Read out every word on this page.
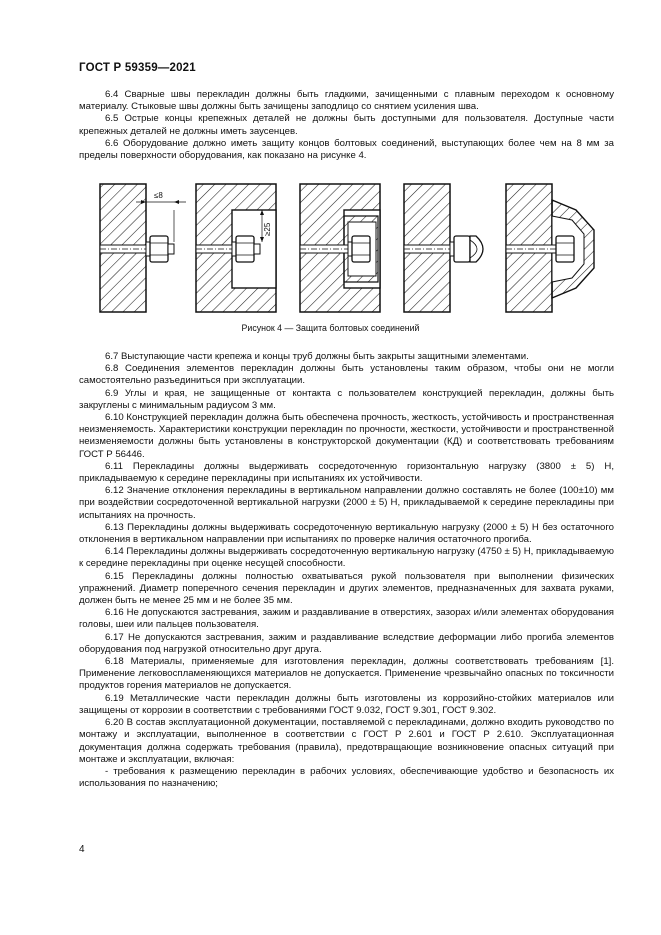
ГОСТ Р 59359—2021

6.4 Сварные швы перекладин должны быть гладкими, зачищенными с плавным переходом к основному материалу. Стыковые швы должны быть зачищены заподлицо со снятием усиления шва.

6.5 Острые концы крепежных деталей не должны быть доступными для пользователя. Доступные части крепежных деталей не должны иметь заусенцев.

6.6 Оборудование должно иметь защиту концов болтовых соединений, выступающих более чем на 8 мм за пределы поверхности оборудования, как показано на рисунке 4.

≤8
≥25
Рисунок 4 — Защита болтовых соединений

6.7 Выступающие части крепежа и концы труб должны быть закрыты защитными элементами.

6.8 Соединения элементов перекладин должны быть установлены таким образом, чтобы они не могли самостоятельно разъединиться при эксплуатации.

6.9 Углы и края, не защищенные от контакта с пользователем конструкцией перекладин, должны быть закруглены с минимальным радиусом 3 мм.

6.10 Конструкцией перекладин должна быть обеспечена прочность, жесткость, устойчивость и пространственная неизменяемость. Характеристики конструкции перекладин по прочности, жесткости, устойчивости и пространственной неизменяемости должны быть установлены в конструкторской документации (КД) и соответствовать требованиям ГОСТ Р 56446.

6.11 Перекладины должны выдерживать сосредоточенную горизонтальную нагрузку (3800 ± 5) Н, прикладываемую к середине перекладины при испытаниях их устойчивости.

6.12 Значение отклонения перекладины в вертикальном направлении должно составлять не более (100±10) мм при воздействии сосредоточенной вертикальной нагрузки (2000 ± 5) Н, прикладываемой к середине перекладины при испытаниях на прочность.

6.13 Перекладины должны выдерживать сосредоточенную вертикальную нагрузку (2000 ± 5) Н без остаточного отклонения в вертикальном направлении при испытаниях по проверке наличия остаточного прогиба.

6.14 Перекладины должны выдерживать сосредоточенную вертикальную нагрузку (4750 ± 5) Н, прикладываемую к середине перекладины при оценке несущей способности.

6.15 Перекладины должны полностью охватываться рукой пользователя при выполнении физических упражнений. Диаметр поперечного сечения перекладин и других элементов, предназначенных для захвата руками, должен быть не менее 25 мм и не более 35 мм.

6.16 Не допускаются застревания, зажим и раздавливание в отверстиях, зазорах и/или элементах оборудования головы, шеи или пальцев пользователя.

6.17 Не допускаются застревания, зажим и раздавливание вследствие деформации либо прогиба элементов оборудования под нагрузкой относительно друг друга.

6.18 Материалы, применяемые для изготовления перекладин, должны соответствовать требованиям [1]. Применение легковоспламеняющихся материалов не допускается. Применение чрезвычайно опасных по токсичности продуктов горения материалов не допускается.

6.19 Металлические части перекладин должны быть изготовлены из коррозийно-стойких материалов или защищены от коррозии в соответствии с требованиями ГОСТ 9.032, ГОСТ 9.301, ГОСТ 9.302.

6.20 В состав эксплуатационной документации, поставляемой с перекладинами, должно входить руководство по монтажу и эксплуатации, выполненное в соответствии с ГОСТ Р 2.601 и ГОСТ Р 2.610. Эксплуатационная документация должна содержать требования (правила), предотвращающие возникновение опасных ситуаций при монтаже и эксплуатации, включая:

- требования к размещению перекладин в рабочих условиях, обеспечивающие удобство и безопасность их использования по назначению;

4
